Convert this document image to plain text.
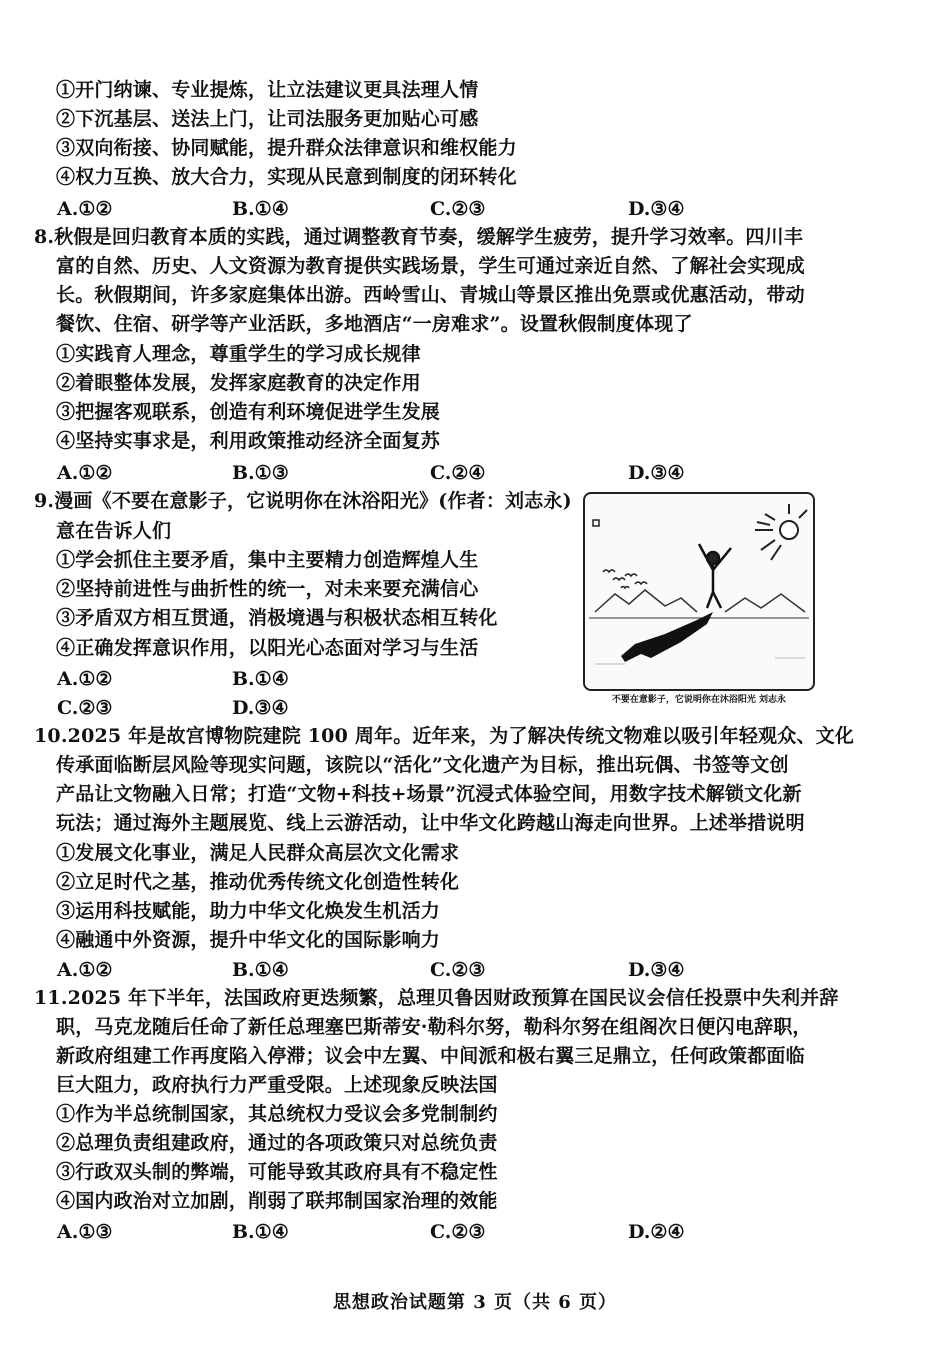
①开门纳谏、专业提炼，让立法建议更具法理人情
②下沉基层、送法上门，让司法服务更加贴心可感
③双向衔接、协同赋能，提升群众法律意识和维权能力
④权力互换、放大合力，实现从民意到制度的闭环转化
A.①②	B.①④	C.②③	D.③④
8.秋假是回归教育本质的实践，通过调整教育节奏，缓解学生疲劳，提升学习效率。四川丰
富的自然、历史、人文资源为教育提供实践场景，学生可通过亲近自然、了解社会实现成
长。秋假期间，许多家庭集体出游。西岭雪山、青城山等景区推出免票或优惠活动，带动
餐饮、住宿、研学等产业活跃，多地酒店“一房难求”。设置秋假制度体现了
①实践育人理念，尊重学生的学习成长规律
②着眼整体发展，发挥家庭教育的决定作用
③把握客观联系，创造有利环境促进学生发展
④坚持实事求是，利用政策推动经济全面复苏
A.①②	B.①③	C.②④	D.③④
9.漫画《不要在意影子，它说明你在沐浴阳光》(作者：刘志永)
意在告诉人们
①学会抓住主要矛盾，集中主要精力创造辉煌人生
②坚持前进性与曲折性的统一，对未来要充满信心
③矛盾双方相互贯通，消极境遇与积极状态相互转化
④正确发挥意识作用，以阳光心态面对学习与生活
A.①②	B.①④
C.②③	D.③④	不要在意影子，它说明你在沐浴阳光 刘志永
10.2025 年是故宫博物院建院 100 周年。近年来，为了解决传统文物难以吸引年轻观众、文化
传承面临断层风险等现实问题，该院以“活化”文化遗产为目标，推出玩偶、书签等文创
产品让文物融入日常；打造“文物+科技+场景”沉浸式体验空间，用数字技术解锁文化新
玩法；通过海外主题展览、线上云游活动，让中华文化跨越山海走向世界。上述举措说明
①发展文化事业，满足人民群众高层次文化需求
②立足时代之基，推动优秀传统文化创造性转化
③运用科技赋能，助力中华文化焕发生机活力
④融通中外资源，提升中华文化的国际影响力
A.①②	B.①④	C.②③	D.③④
11.2025 年下半年，法国政府更迭频繁，总理贝鲁因财政预算在国民议会信任投票中失利并辞
职，马克龙随后任命了新任总理塞巴斯蒂安·勒科尔努，勒科尔努在组阁次日便闪电辞职，
新政府组建工作再度陷入停滞；议会中左翼、中间派和极右翼三足鼎立，任何政策都面临
巨大阻力，政府执行力严重受限。上述现象反映法国
①作为半总统制国家，其总统权力受议会多党制制约
②总理负责组建政府，通过的各项政策只对总统负责
③行政双头制的弊端，可能导致其政府具有不稳定性
④国内政治对立加剧，削弱了联邦制国家治理的效能
A.①③	B.①④	C.②③	D.②④
思想政治试题第 3 页（共 6 页）
